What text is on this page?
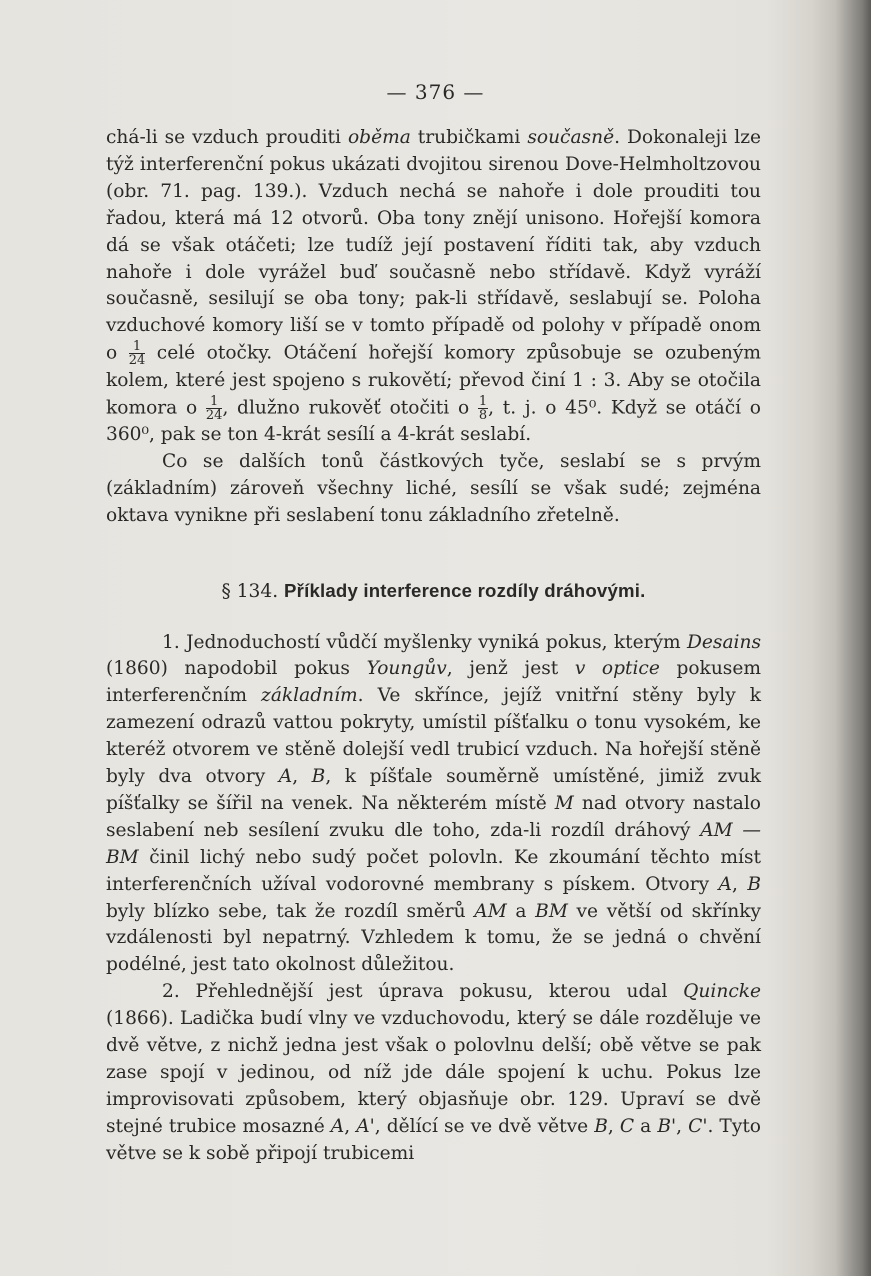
— 376 —

chá-li se vzduch prouditi oběma trubičkami současně. Dokonaleji lze týž interferenční pokus ukázati dvojitou sirenou Dove-Helmholtzovou (obr. 71. pag. 139.). Vzduch nechá se nahoře i dole prouditi tou řadou, která má 12 otvorů. Oba tony znějí unisono. Hořejší komora dá se však otáčeti; lze tudíž její postavení říditi tak, aby vzduch nahoře i dole vyrážel buď současně nebo střídavě. Když vyráží současně, sesilují se oba tony; pak-li střídavě, seslabují se. Poloha vzduchové komory liší se v tomto případě od polohy v případě onom o $\frac{1}{24}$ celé otočky. Otáčení hořejší komory způsobuje se ozubeným kolem, které jest spojeno s rukovětí; převod činí 1 : 3. Aby se otočila komora o $\frac{1}{24}$ , dlužno rukověť otočiti o $\frac{1}{8}$ , t. j. o 45⁰. Když se otáčí o 360⁰, pak se ton 4-krát sesílí a 4-krát seslabí.

Co se dalších tonů částkových tyče, seslabí se s prvým (základním) zároveň všechny liché, sesílí se však sudé; zejména oktava vynikne při seslabení tonu základního zřetelně.

§ 134. Příklady interference rozdíly dráhovými.

1. Jednoduchostí vůdčí myšlenky vyniká pokus, kterým Desains (1860) napodobil pokus Youngův, jenž jest v optice pokusem interferenčním základním. Ve skřínce, jejíž vnitřní stěny byly k zamezení odrazů vattou pokryty, umístil píšťalku o tonu vysokém, ke kteréž otvorem ve stěně dolejší vedl trubicí vzduch. Na hořejší stěně byly dva otvory A, B, k píšťale souměrně umístěné, jimiž zvuk píšťalky se šířil na venek. Na některém místě M nad otvory nastalo seslabení neb sesílení zvuku dle toho, zda-li rozdíl dráhový AM — BM činil lichý nebo sudý počet polovln. Ke zkoumání těchto míst interferenčních užíval vodorovné membrany s pískem. Otvory A, B byly blízko sebe, tak že rozdíl směrů AM a BM ve větší od skřínky vzdálenosti byl nepatrný. Vzhledem k tomu, že se jedná o chvění podélné, jest tato okolnost důležitou.

2. Přehlednější jest úprava pokusu, kterou udal Quincke (1866). Ladička budí vlny ve vzduchovodu, který se dále rozděluje ve dvě větve, z nichž jedna jest však o polovlnu delší; obě větve se pak zase spojí v jedinou, od níž jde dále spojení k uchu. Pokus lze improvisovati způsobem, který objasňuje obr. 129. Upraví se dvě stejné trubice mosazné A, A', dělící se ve dvě větve B, C a B', C'. Tyto větve se k sobě připojí trubicemi
